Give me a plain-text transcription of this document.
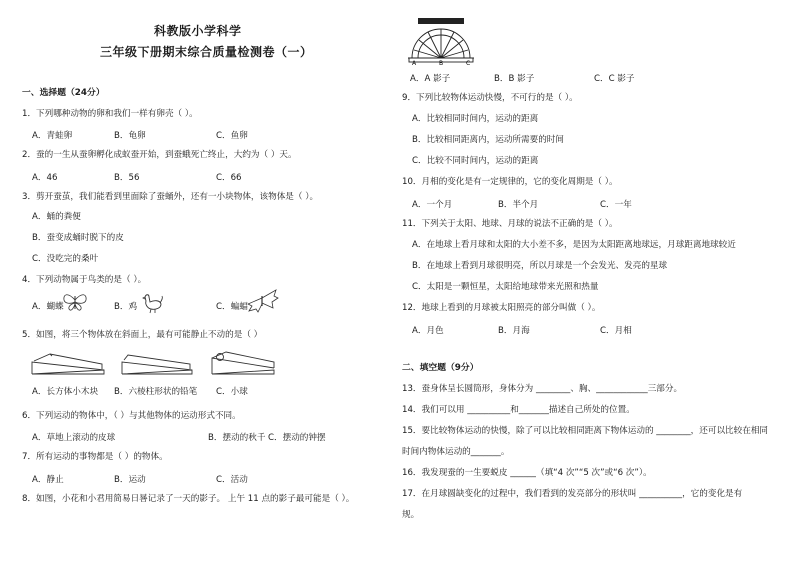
科教版小学科学
三年级下册期末综合质量检测卷（一）
一、选择题（24分）
1．下列哪种动物的卵和我们一样有卵壳（ ）。
A．青蛙卵	B．龟卵	C．鱼卵
2．蚕的一生从蚕卵孵化成蚁蚕开始，到蚕蛾死亡终止，大约为（ ）天。
A．46	B．56	C．66
3．剪开蚕茧，我们能看到里面除了蚕蛹外，还有一小块物体，该物体是（ ）。
A．蛹的粪便
B．蚕变成蛹时脱下的皮
C．没吃完的桑叶
4．下列动物属于鸟类的是（ ）。
A．蝴蝶	B．鸡	C．蝙蝠
5．如图，将三个物体放在斜面上，最有可能静止不动的是（ ）
A．长方体小木块 B．六棱柱形状的铅笔 C．小球
6．下列运动的物体中，（ ）与其他物体的运动形式不同。
A．草地上滚动的皮球	B．摆动的秋千 C．摆动的钟摆
7．所有运动的事物都是（ ）的物体。
A．静止	B．运动	C．活动
8．如图，小花和小君用简易日晷记录了一天的影子。 上午 11 点的影子最可能是（ ）。
A	B	C
A．A 影子	B．B 影子	C．C 影子
9．下列比较物体运动快慢，不可行的是（ ）。
A．比较相同时间内，运动的距离
B．比较相同距离内，运动所需要的时间
C．比较不同时间内，运动的距离
10．月相的变化是有一定规律的，它的变化周期是（ ）。
A．一个月	B．半个月	C．一年
11．下列关于太阳、地球、月球的说法不正确的是（ ）。
A．在地球上看月球和太阳的大小差不多，是因为太阳距离地球远，月球距离地球较近
B．在地球上看到月球很明亮，所以月球是一个会发光、发亮的星球
C．太阳是一颗恒星，太阳给地球带来光照和热量
12．地球上看到的月球被太阳照亮的部分叫做（ ）。
A．月色	B．月海	C．月相
二、填空题（9分）
13．蚕身体呈长圆筒形，身体分为 ________、胸、____________三部分。
14．我们可以用 __________和_______描述自己所处的位置。
15．要比较物体运动的快慢，除了可以比较相同距离下物体运动的 ________，还可以比较在相同
时间内物体运动的_______。
16．我发现蚕的一生要蜕皮 ______（填“4 次”“5 次”或“6 次”）。
17．在月球圆缺变化的过程中，我们看到的发亮部分的形状叫 __________，它的变化是有
规。
